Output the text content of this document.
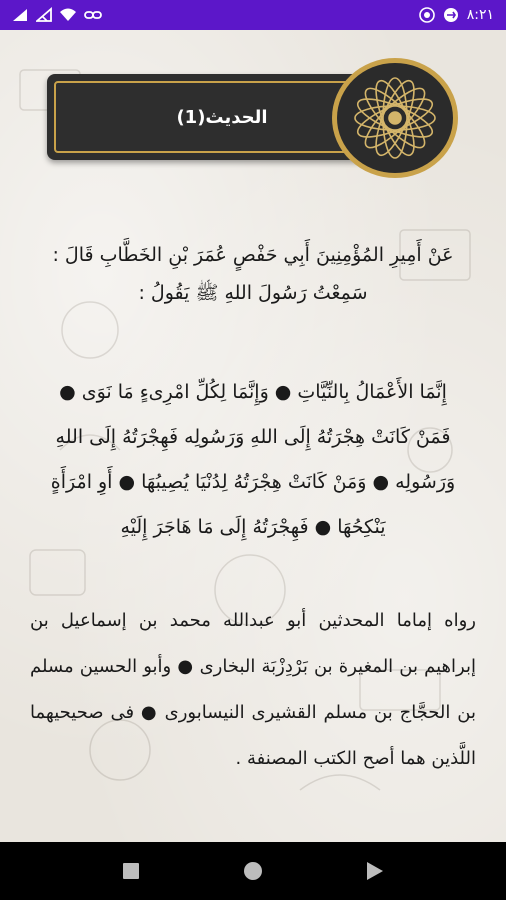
٨:٢١
الحديث(1)
عَنْ أَمِيرِ المُؤْمِنِينَ أَبِي حَفْصٍ عُمَرَ بْنِ الخَطَّابِ قَالَ :
سَمِعْتُ رَسُولَ اللهِ ﷺ يَقُولُ :
إِنَّمَا الأَعْمَالُ بِالنِّيَّاتِ ● وَإِنَّمَا لِكُلِّ امْرِىءٍ مَا نَوَى ●
فَمَنْ كَانَتْ هِجْرَتُهُ إِلَى اللهِ وَرَسُولِه فَهِجْرَتُهُ إِلَى اللهِ
وَرَسُولِه ● وَمَنْ كَانَتْ هِجْرَتُهُ لِدُنْيَا يُصِيبُهَا ● أَوِ امْرَأَةٍ
يَنْكِحُهَا ● فَهِجْرَتُهُ إِلَى مَا هَاجَرَ إِلَيْهِ
رواه إماما المحدثين أبو عبدالله محمد بن إسماعيل بن إبراهيم بن المغيرة بن بَرْدِزْبَة البخارى ● وأبو الحسين مسلم بن الحجَّاج بن مسلم القشيرى النيسابورى ● فى صحيحيهما اللَّذين هما أصح الكتب المصنفة .
